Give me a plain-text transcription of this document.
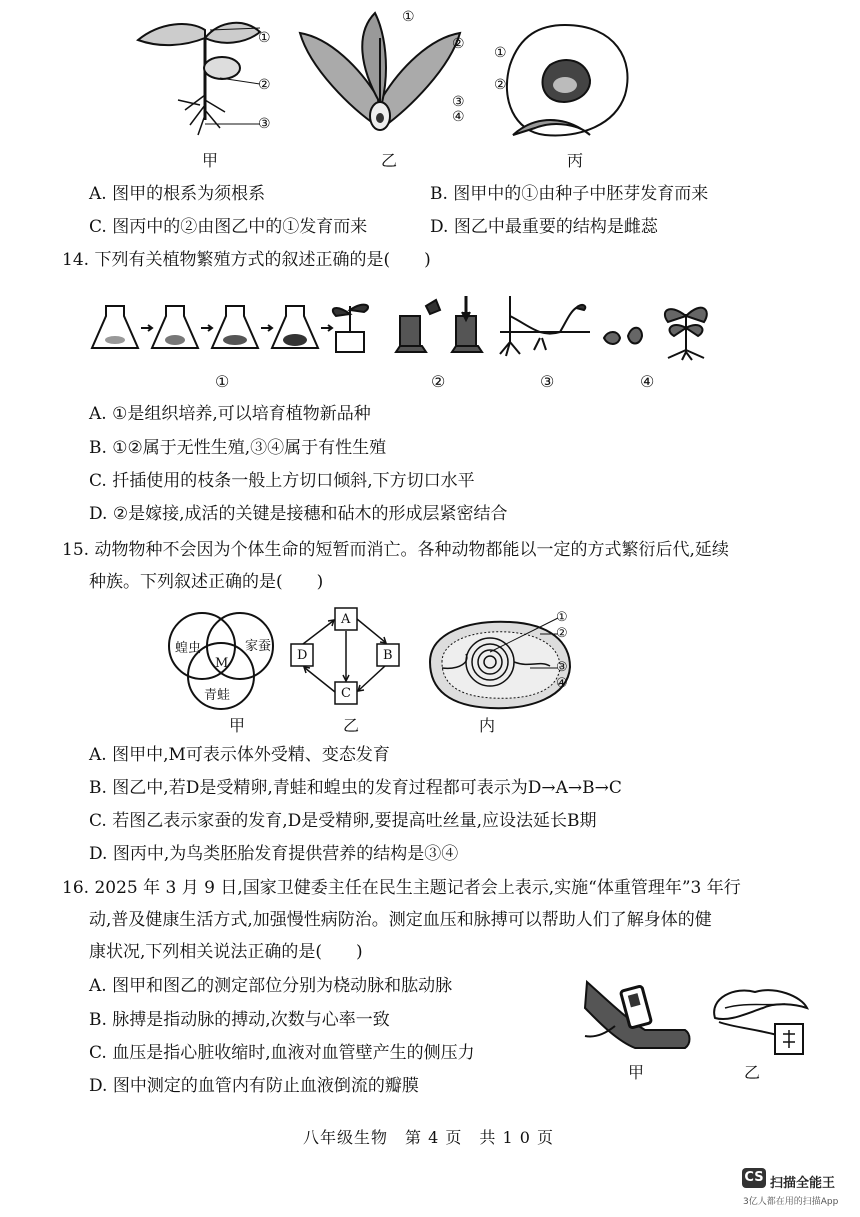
①
②
③
①
②
③
④
①
②
甲	乙	丙
A. 图甲的根系为须根系	B. 图甲中的①由种子中胚芽发育而来
C. 图丙中的②由图乙中的①发育而来	D. 图乙中最重要的结构是雌蕊
14. 下列有关植物繁殖方式的叙述正确的是(　　)
①	②	③	④
A. ①是组织培养,可以培育植物新品种
B. ①②属于无性生殖,③④属于有性生殖
C. 扦插使用的枝条一般上方切口倾斜,下方切口水平
D. ②是嫁接,成活的关键是接穗和砧木的形成层紧密结合
15. 动物物种不会因为个体生命的短暂而消亡。各种动物都能以一定的方式繁衍后代,延续
种族。下列叙述正确的是(　　)
蝗虫	家蚕
青蛙
M
A
B
C
D
①
②
③
④
甲	乙	内
A. 图甲中,M可表示体外受精、变态发育
B. 图乙中,若D是受精卵,青蛙和蝗虫的发育过程都可表示为D→A→B→C
C. 若图乙表示家蚕的发育,D是受精卵,要提高吐丝量,应设法延长B期
D. 图丙中,为鸟类胚胎发育提供营养的结构是③④
16. 2025 年 3 月 9 日,国家卫健委主任在民生主题记者会上表示,实施“体重管理年”3 年行
动,普及健康生活方式,加强慢性病防治。测定血压和脉搏可以帮助人们了解身体的健
康状况,下列相关说法正确的是(　　)
A. 图甲和图乙的测定部位分别为桡动脉和肱动脉
B. 脉搏是指动脉的搏动,次数与心率一致
C. 血压是指心脏收缩时,血液对血管壁产生的侧压力
D. 图中测定的血管内有防止血液倒流的瓣膜
甲	乙
八年级生物　第 4 页　共 1 0 页
CS 扫描全能王
3亿人都在用的扫描App
